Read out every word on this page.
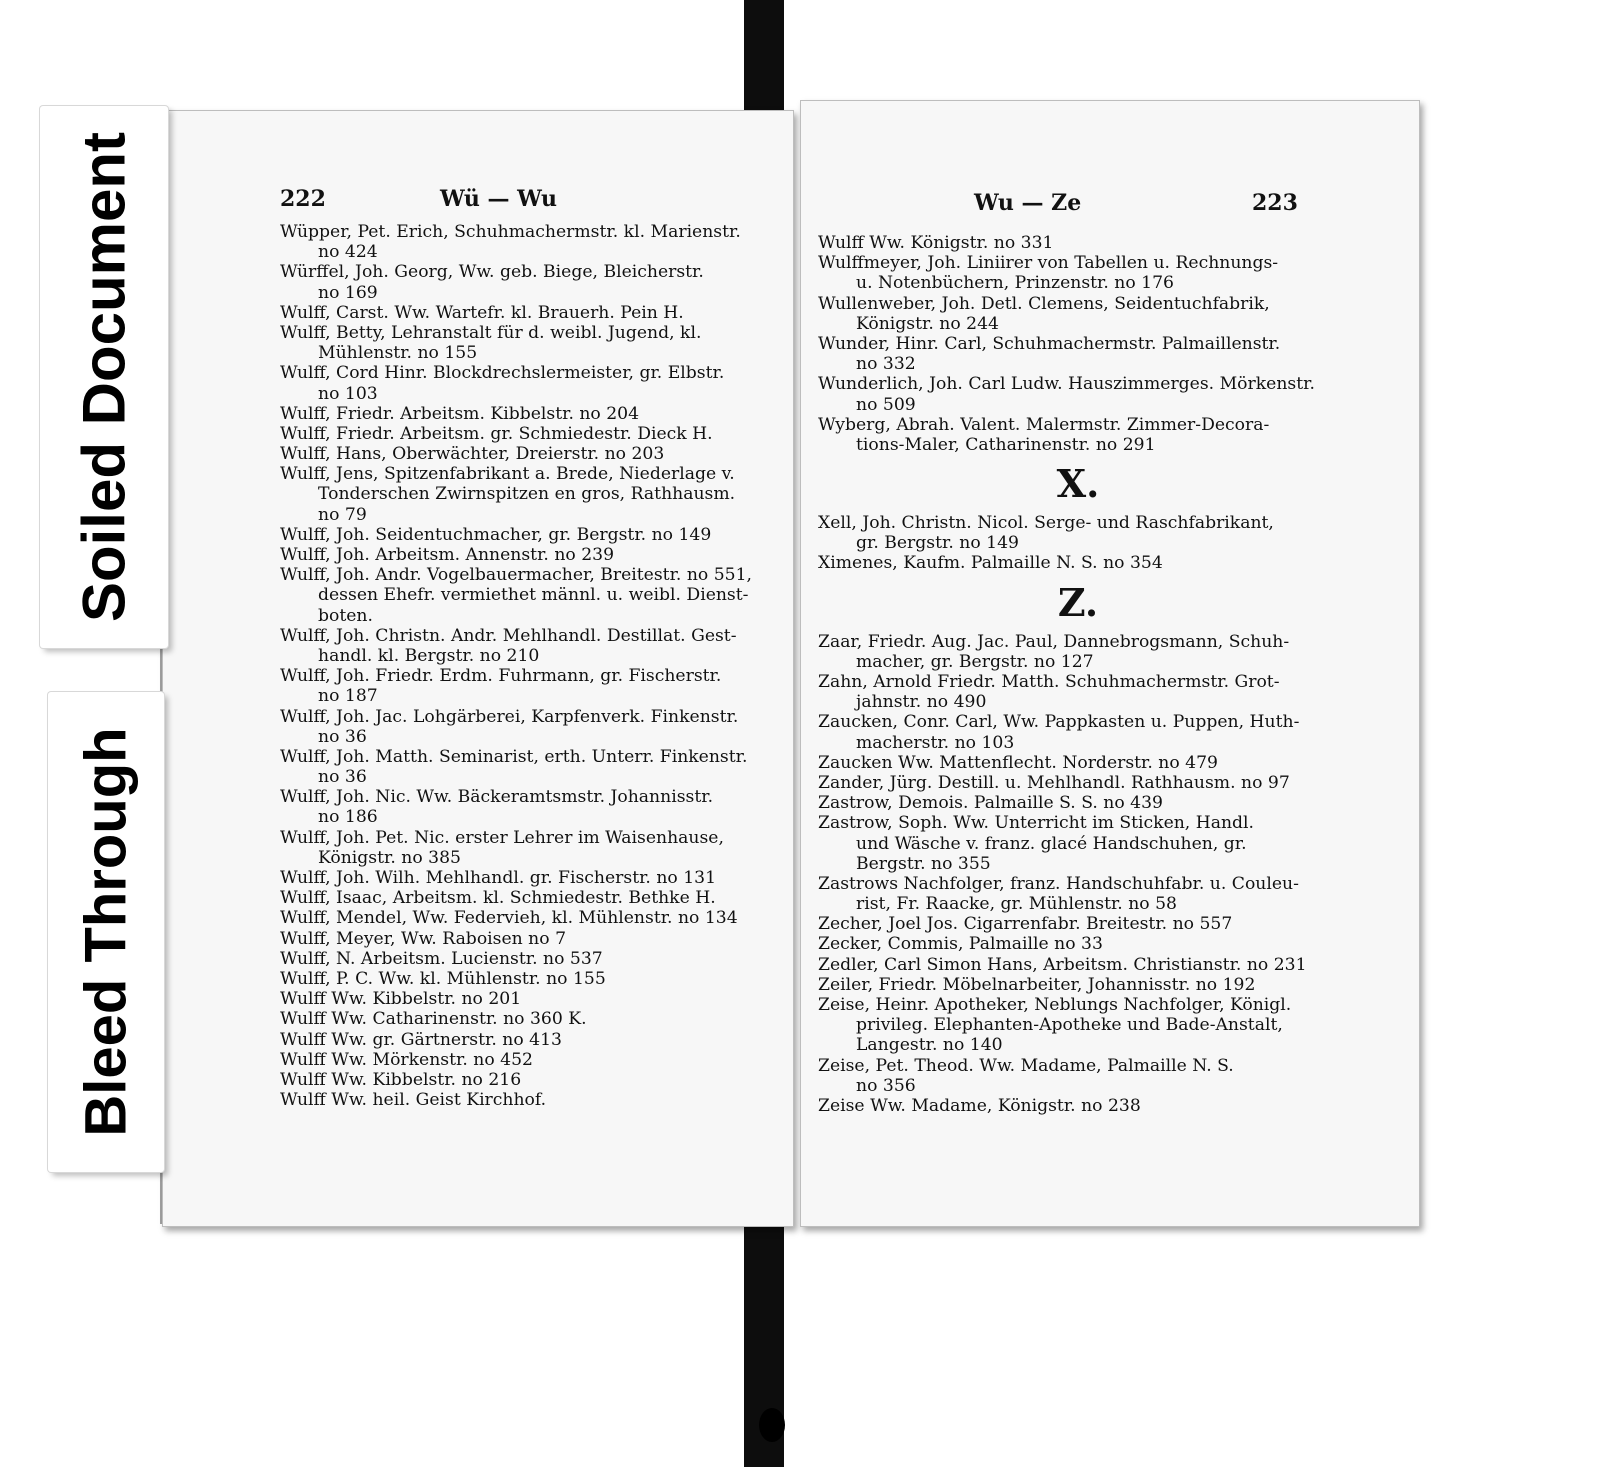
Soiled Document
Bleed Through
222	Wü — Wu	Wu — Ze	223
Wüpper, Pet. Erich, Schuhmachermstr. kl. Marienstr.
no 424
Würffel, Joh. Georg, Ww. geb. Biege, Bleicherstr.
no 169
Wulff, Carst. Ww. Wartefr. kl. Brauerh. Pein H.
Wulff, Betty, Lehranstalt für d. weibl. Jugend, kl.
Mühlenstr. no 155
Wulff, Cord Hinr. Blockdrechslermeister, gr. Elbstr.
no 103
Wulff, Friedr. Arbeitsm. Kibbelstr. no 204
Wulff, Friedr. Arbeitsm. gr. Schmiedestr. Dieck H.
Wulff, Hans, Oberwächter, Dreierstr. no 203
Wulff, Jens, Spitzenfabrikant a. Brede, Niederlage v.
Tonderschen Zwirnspitzen en gros, Rathhausm.
no 79
Wulff, Joh. Seidentuchmacher, gr. Bergstr. no 149
Wulff, Joh. Arbeitsm. Annenstr. no 239
Wulff, Joh. Andr. Vogelbauermacher, Breitestr. no 551,
dessen Ehefr. vermiethet männl. u. weibl. Dienst-
boten.
Wulff, Joh. Christn. Andr. Mehlhandl. Destillat. Gest-
handl. kl. Bergstr. no 210
Wulff, Joh. Friedr. Erdm. Fuhrmann, gr. Fischerstr.
no 187
Wulff, Joh. Jac. Lohgärberei, Karpfenverk. Finkenstr.
no 36
Wulff, Joh. Matth. Seminarist, erth. Unterr. Finkenstr.
no 36
Wulff, Joh. Nic. Ww. Bäckeramtsmstr. Johannisstr.
no 186
Wulff, Joh. Pet. Nic. erster Lehrer im Waisenhause,
Königstr. no 385
Wulff, Joh. Wilh. Mehlhandl. gr. Fischerstr. no 131
Wulff, Isaac, Arbeitsm. kl. Schmiedestr. Bethke H.
Wulff, Mendel, Ww. Federvieh, kl. Mühlenstr. no 134
Wulff, Meyer, Ww. Raboisen no 7
Wulff, N. Arbeitsm. Lucienstr. no 537
Wulff, P. C. Ww. kl. Mühlenstr. no 155
Wulff Ww. Kibbelstr. no 201
Wulff Ww. Catharinenstr. no 360 K.
Wulff Ww. gr. Gärtnerstr. no 413
Wulff Ww. Mörkenstr. no 452
Wulff Ww. Kibbelstr. no 216
Wulff Ww. heil. Geist Kirchhof.
Wulff Ww. Königstr. no 331
Wulffmeyer, Joh. Liniirer von Tabellen u. Rechnungs-
u. Notenbüchern, Prinzenstr. no 176
Wullenweber, Joh. Detl. Clemens, Seidentuchfabrik,
Königstr. no 244
Wunder, Hinr. Carl, Schuhmachermstr. Palmaillenstr.
no 332
Wunderlich, Joh. Carl Ludw. Hauszimmerges. Mörkenstr.
no 509
Wyberg, Abrah. Valent. Malermstr. Zimmer-Decora-
tions-Maler, Catharinenstr. no 291
X.
Xell, Joh. Christn. Nicol. Serge- und Raschfabrikant,
gr. Bergstr. no 149
Ximenes, Kaufm. Palmaille N. S. no 354
Z.
Zaar, Friedr. Aug. Jac. Paul, Dannebrogsmann, Schuh-
macher, gr. Bergstr. no 127
Zahn, Arnold Friedr. Matth. Schuhmachermstr. Grot-
jahnstr. no 490
Zaucken, Conr. Carl, Ww. Pappkasten u. Puppen, Huth-
macherstr. no 103
Zaucken Ww. Mattenflecht. Norderstr. no 479
Zander, Jürg. Destill. u. Mehlhandl. Rathhausm. no 97
Zastrow, Demois. Palmaille S. S. no 439
Zastrow, Soph. Ww. Unterricht im Sticken, Handl.
und Wäsche v. franz. glacé Handschuhen, gr.
Bergstr. no 355
Zastrows Nachfolger, franz. Handschuhfabr. u. Couleu-
rist, Fr. Raacke, gr. Mühlenstr. no 58
Zecher, Joel Jos. Cigarrenfabr. Breitestr. no 557
Zecker, Commis, Palmaille no 33
Zedler, Carl Simon Hans, Arbeitsm. Christianstr. no 231
Zeiler, Friedr. Möbelnarbeiter, Johannisstr. no 192
Zeise, Heinr. Apotheker, Neblungs Nachfolger, Königl.
privileg. Elephanten-Apotheke und Bade-Anstalt,
Langestr. no 140
Zeise, Pet. Theod. Ww. Madame, Palmaille N. S.
no 356
Zeise Ww. Madame, Königstr. no 238
